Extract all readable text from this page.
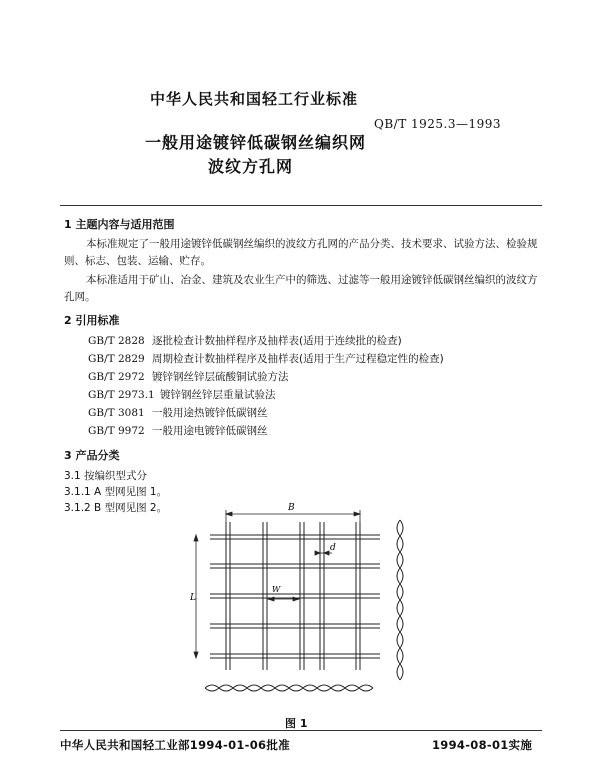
中华人民共和国轻工行业标准
QB/T 1925.3—1993
一般用途镀锌低碳钢丝编织网
波纹方孔网
1 主题内容与适用范围
本标准规定了一般用途镀锌低碳钢丝编织的波纹方孔网的产品分类、技术要求、试验方法、检验规则、标志、包装、运输、贮存。
本标准适用于矿山、冶金、建筑及农业生产中的筛选、过滤等一般用途镀锌低碳钢丝编织的波纹方孔网。
2 引用标准
GB/T 2828 逐批检查计数抽样程序及抽样表(适用于连续批的检查)
GB/T 2829 周期检查计数抽样程序及抽样表(适用于生产过程稳定性的检查)
GB/T 2972 镀锌钢丝锌层硫酸铜试验方法
GB/T 2973.1 镀锌钢丝锌层重量试验法
GB/T 3081 一般用途热镀锌低碳钢丝
GB/T 9972 一般用途电镀锌低碳钢丝
3 产品分类
3.1 按编织型式分
3.1.1 A 型网见图 1。
3.1.2 B 型网见图 2。	B
d
W
L
图 1
中华人民共和国轻工业部1994-01-06批准	1994-08-01实施
